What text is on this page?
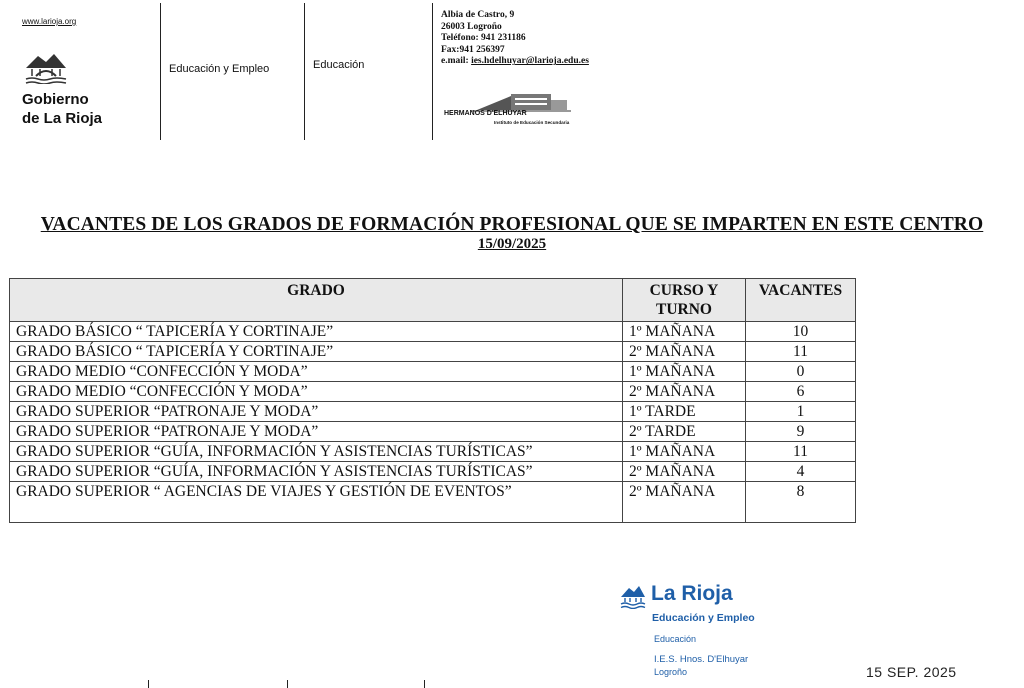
www.larioja.org
Gobierno
de La Rioja
Educación y Empleo	Educación
Albia de Castro, 9
26003 Logroño
Teléfono: 941 231186
Fax:941 256397
e.mail: ies.hdelhuyar@larioja.edu.es
HERMANOS D'ELHUYAR
Instituto de Educación Secundaria
VACANTES DE LOS GRADOS DE FORMACIÓN PROFESIONAL QUE SE IMPARTEN EN ESTE CENTRO
15/09/2025
GRADO	CURSO Y TURNO	VACANTES
GRADO BÁSICO “ TAPICERÍA Y CORTINAJE”	1º MAÑANA	10
GRADO BÁSICO “ TAPICERÍA Y CORTINAJE”	2º MAÑANA	11
GRADO MEDIO “CONFECCIÓN Y MODA”	1º MAÑANA	0
GRADO MEDIO “CONFECCIÓN Y MODA”	2º MAÑANA	6
GRADO SUPERIOR “PATRONAJE Y MODA”	1º TARDE	1
GRADO SUPERIOR “PATRONAJE Y MODA”	2º TARDE	9
GRADO SUPERIOR “GUÍA, INFORMACIÓN Y ASISTENCIAS TURÍSTICAS”	1º MAÑANA	11
GRADO SUPERIOR “GUÍA, INFORMACIÓN Y ASISTENCIAS TURÍSTICAS”	2º MAÑANA	4
GRADO SUPERIOR “ AGENCIAS DE VIAJES Y GESTIÓN DE EVENTOS”	2º MAÑANA	8
La Rioja
Educación y Empleo
Educación
I.E.S. Hnos. D'Elhuyar
Logroño	15 SEP. 2025
